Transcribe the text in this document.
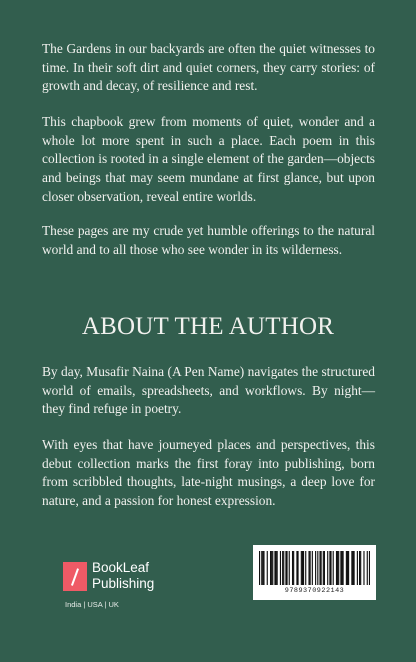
The Gardens in our backyards are often the quiet witnesses to time. In their soft dirt and quiet corners, they carry stories: of growth and decay, of resilience and rest.

This chapbook grew from moments of quiet, wonder and a whole lot more spent in such a place. Each poem in this collection is rooted in a single element of the garden—objects and beings that may seem mundane at first glance, but upon closer observation, reveal entire worlds.

These pages are my crude yet humble offerings to the natural world and to all those who see wonder in its wilderness.

ABOUT THE AUTHOR

By day, Musafir Naina (A Pen Name) navigates the structured world of emails, spreadsheets, and workflows. By night—they find refuge in poetry.

With eyes that have journeyed places and perspectives, this debut collection marks the first foray into publishing, born from scribbled thoughts, late-night musings, a deep love for nature, and a passion for honest expression.

BookLeaf
Publishing
India | USA | UK
9789370922143
